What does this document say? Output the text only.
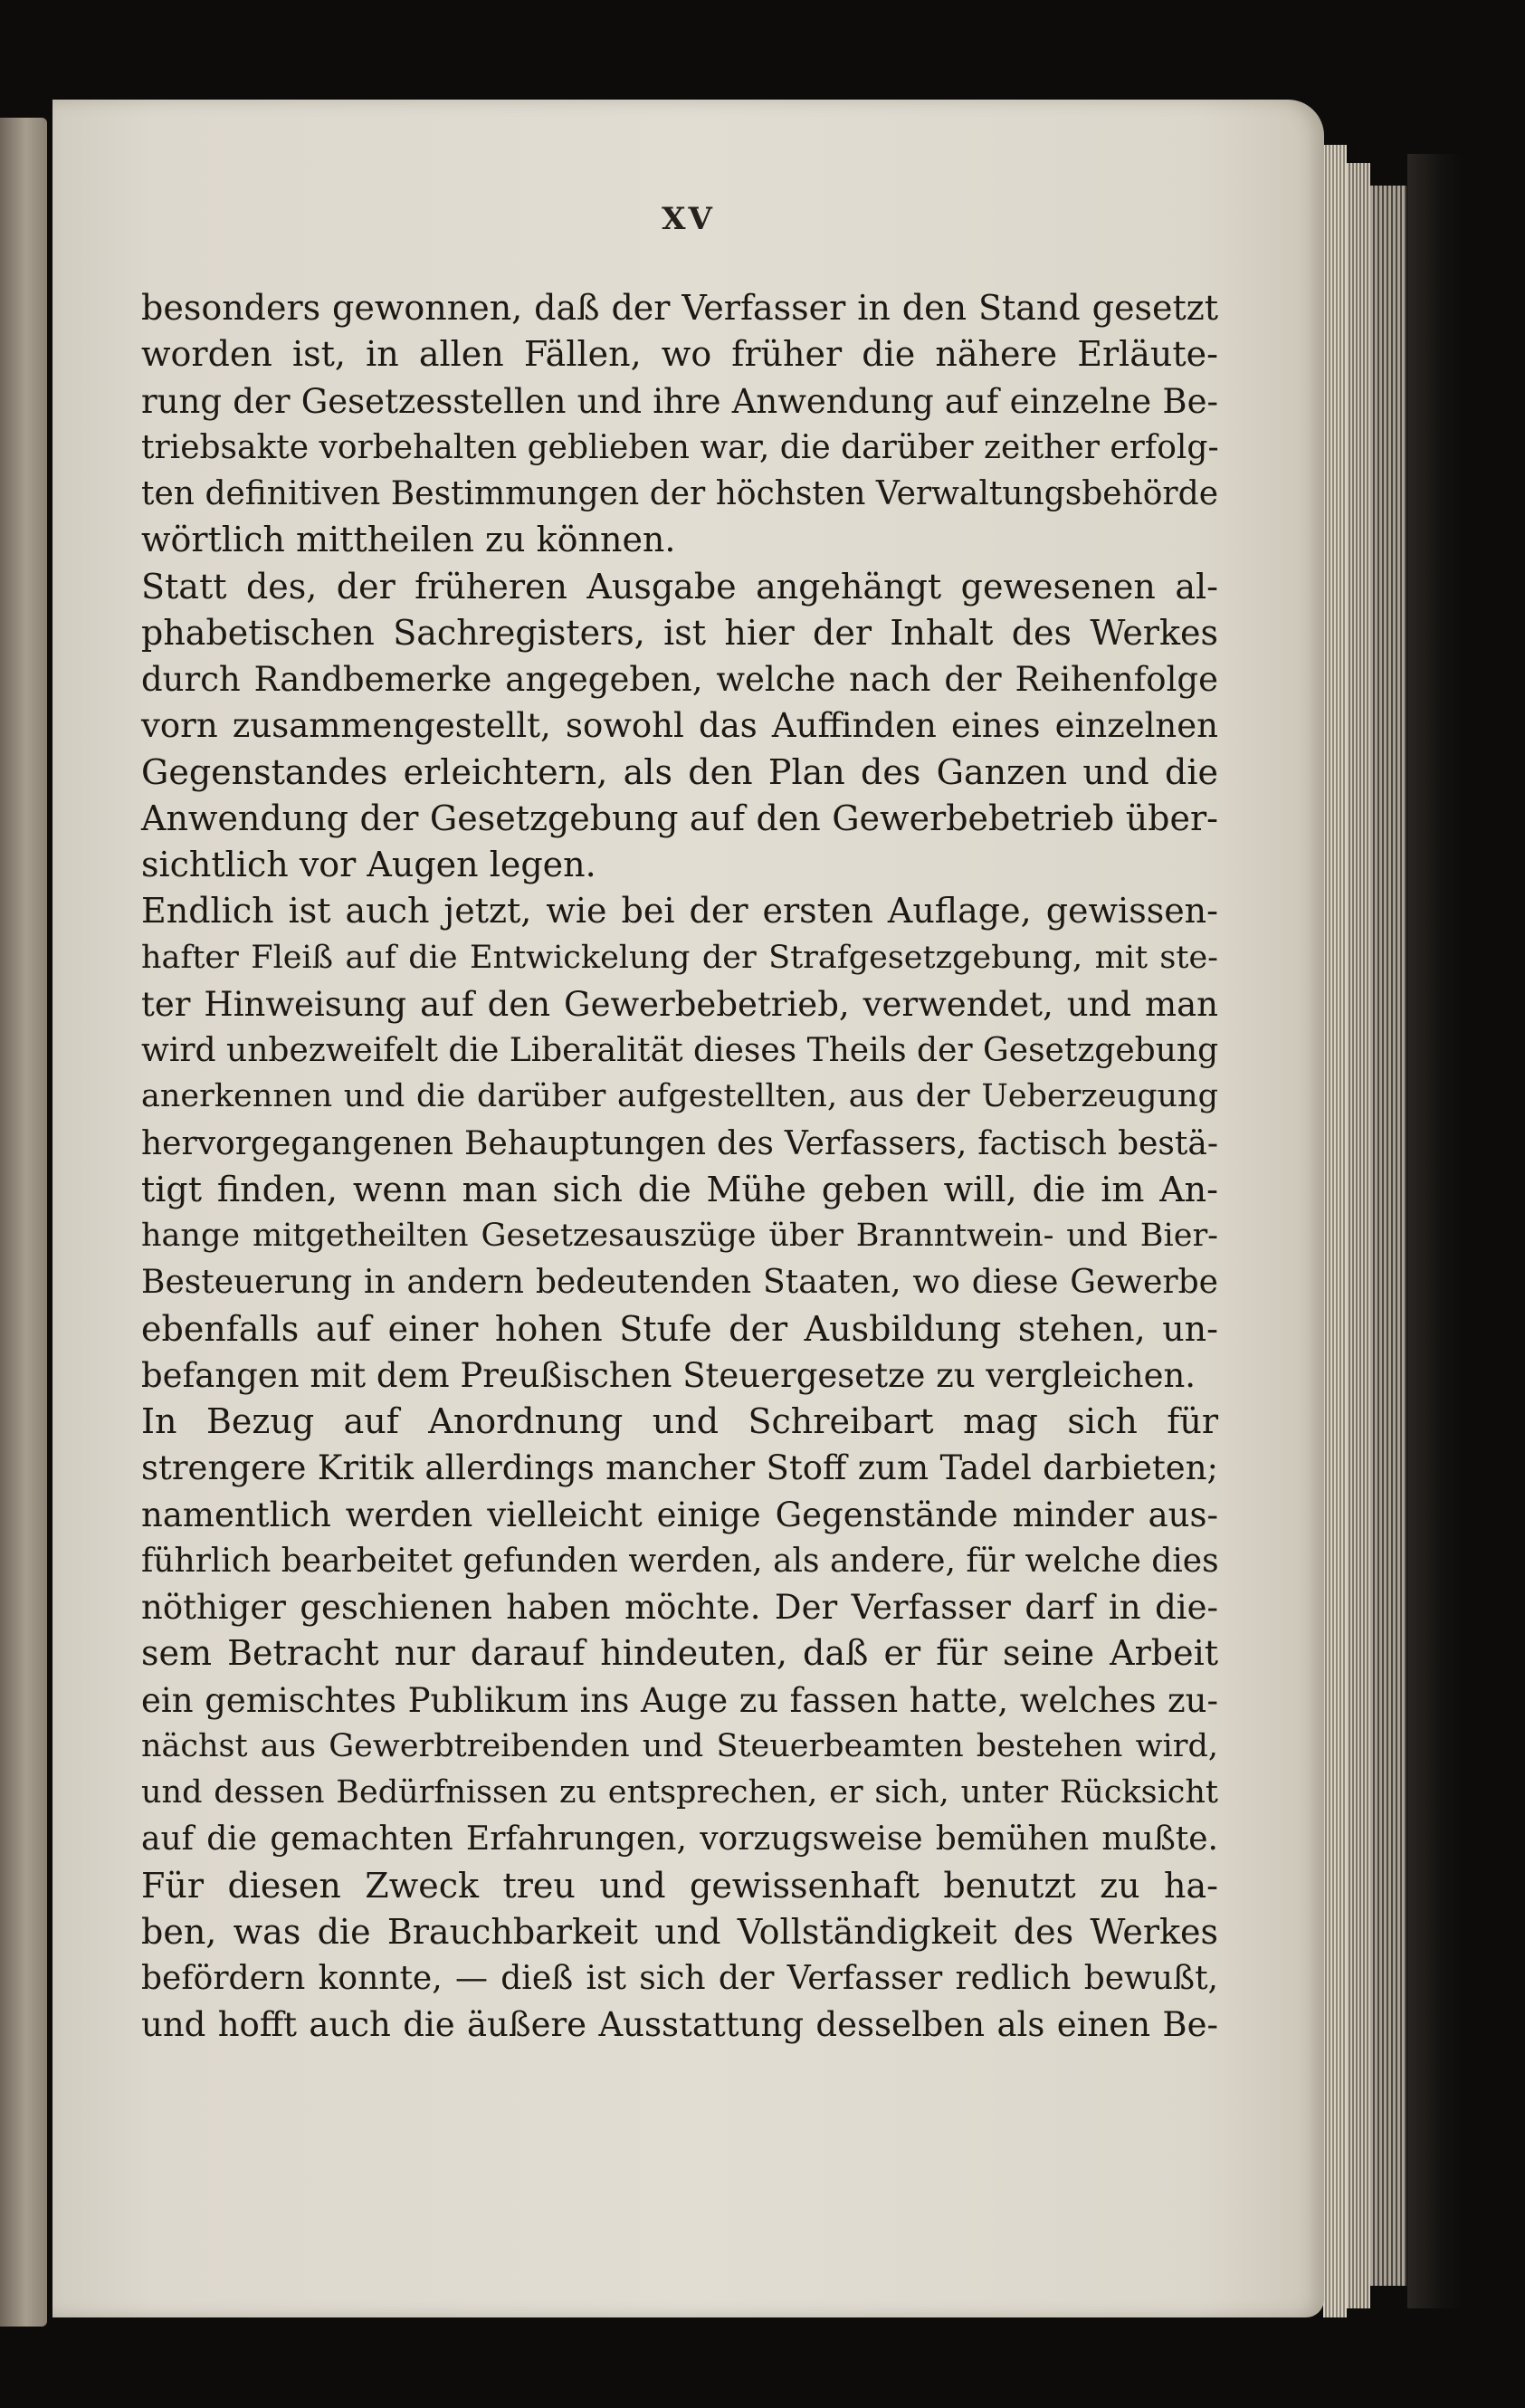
XV
besonders gewonnen, daß der Verfasser in den Stand gesetzt
worden ist, in allen Fällen, wo früher die nähere Erläute-
rung der Gesetzesstellen und ihre Anwendung auf einzelne Be-
triebsakte vorbehalten geblieben war, die darüber zeither erfolg-
ten definitiven Bestimmungen der höchsten Verwaltungsbehörde
wörtlich mittheilen zu können.
Statt des, der früheren Ausgabe angehängt gewesenen al-
phabetischen Sachregisters, ist hier der Inhalt des Werkes
durch Randbemerke angegeben, welche nach der Reihenfolge
vorn zusammengestellt, sowohl das Auffinden eines einzelnen
Gegenstandes erleichtern, als den Plan des Ganzen und die
Anwendung der Gesetzgebung auf den Gewerbebetrieb über-
sichtlich vor Augen legen.
Endlich ist auch jetzt, wie bei der ersten Auflage, gewissen-
hafter Fleiß auf die Entwickelung der Strafgesetzgebung, mit ste-
ter Hinweisung auf den Gewerbebetrieb, verwendet, und man
wird unbezweifelt die Liberalität dieses Theils der Gesetzgebung
anerkennen und die darüber aufgestellten, aus der Ueberzeugung
hervorgegangenen Behauptungen des Verfassers, factisch bestä-
tigt finden, wenn man sich die Mühe geben will, die im An-
hange mitgetheilten Gesetzesauszüge über Branntwein- und Bier-
Besteuerung in andern bedeutenden Staaten, wo diese Gewerbe
ebenfalls auf einer hohen Stufe der Ausbildung stehen, un-
befangen mit dem Preußischen Steuergesetze zu vergleichen.
In Bezug auf Anordnung und Schreibart mag sich für
strengere Kritik allerdings mancher Stoff zum Tadel darbieten;
namentlich werden vielleicht einige Gegenstände minder aus-
führlich bearbeitet gefunden werden, als andere, für welche dies
nöthiger geschienen haben möchte. Der Verfasser darf in die-
sem Betracht nur darauf hindeuten, daß er für seine Arbeit
ein gemischtes Publikum ins Auge zu fassen hatte, welches zu-
nächst aus Gewerbtreibenden und Steuerbeamten bestehen wird,
und dessen Bedürfnissen zu entsprechen, er sich, unter Rücksicht
auf die gemachten Erfahrungen, vorzugsweise bemühen mußte.
Für diesen Zweck treu und gewissenhaft benutzt zu ha-
ben, was die Brauchbarkeit und Vollständigkeit des Werkes
befördern konnte, — dieß ist sich der Verfasser redlich bewußt,
und hofft auch die äußere Ausstattung desselben als einen Be-
